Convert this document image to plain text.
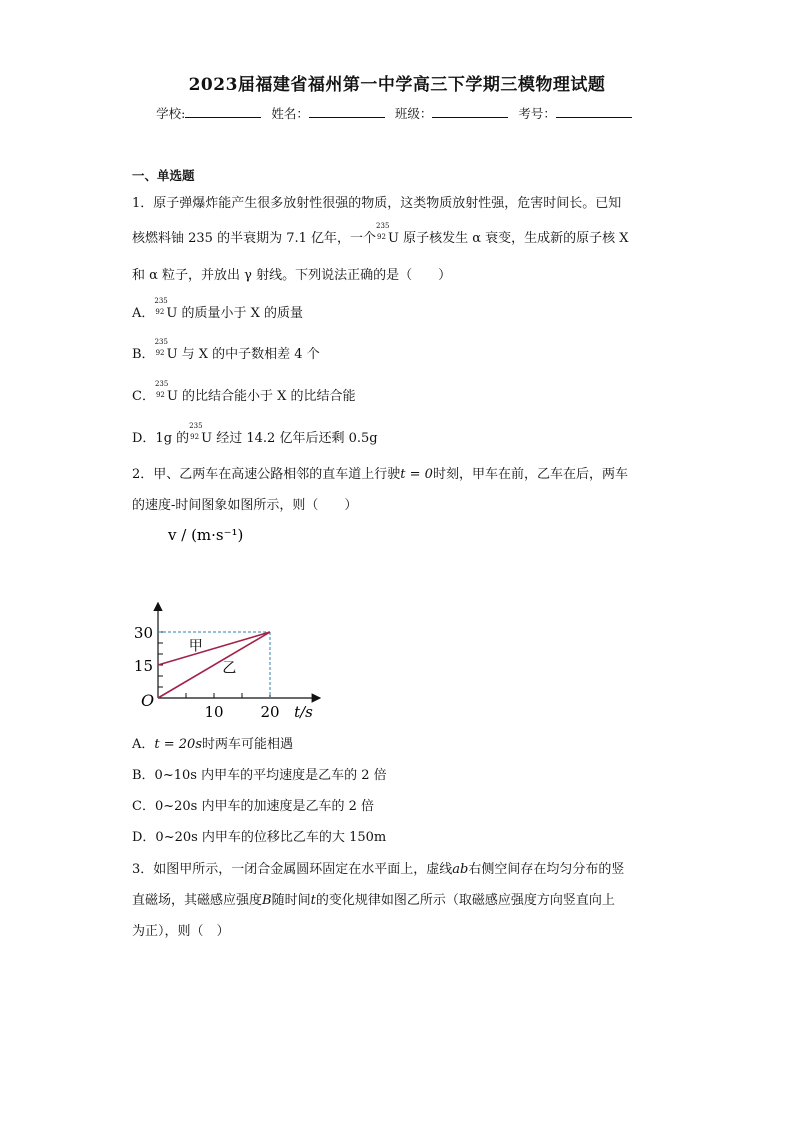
2023届福建省福州第一中学高三下学期三模物理试题
学校:	姓名：	班级：	考号：
一、单选题
1．原子弹爆炸能产生很多放射性很强的物质，这类物质放射性强，危害时间长。已知
核燃料铀 235 的半衰期为 7.1 亿年，一个
235
92 U 原子核发生 α 衰变，生成新的原子核 X
和 α 粒子，并放出 γ 射线。下列说法正确的是（　　）
A．
235
92 U 的质量小于 X 的质量
B．
235
92 U 与 X 的中子数相差 4 个
C．
235
92 U 的比结合能小于 X 的比结合能
D．1g 的
235
92 U 经过 14.2 亿年后还剩 0.5g
2．甲、乙两车在高速公路相邻的直车道上行驶t = 0时刻，甲车在前，乙车在后，两车
的速度-时间图象如图所示，则（　　）
甲
乙
10 20
15
30
O
t/s
v / (m·s⁻¹)
A．t = 20s时两车可能相遇
B．0~10s 内甲车的平均速度是乙车的 2 倍
C．0~20s 内甲车的加速度是乙车的 2 倍
D．0~20s 内甲车的位移比乙车的大 150m
3．如图甲所示，一闭合金属圆环固定在水平面上，虚线ab右侧空间存在均匀分布的竖
直磁场，其磁感应强度B随时间t的变化规律如图乙所示（取磁感应强度方向竖直向上
为正），则（　）
